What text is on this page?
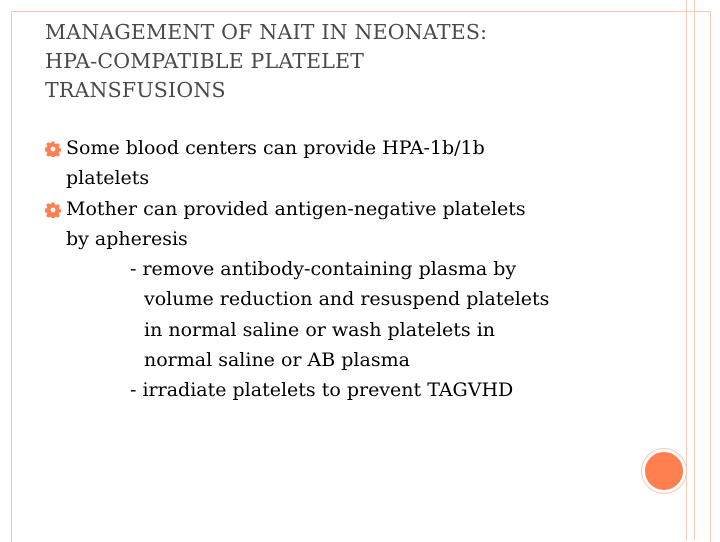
MANAGEMENT OF NAIT IN NEONATES:
HPA-COMPATIBLE PLATELET
TRANSFUSIONS
Some blood centers can provide HPA-1b/1b
platelets
Mother can provided antigen-negative platelets
by apheresis
- remove antibody-containing plasma by
volume reduction and resuspend platelets
in normal saline or wash platelets in
normal saline or AB plasma
- irradiate platelets to prevent TAGVHD
